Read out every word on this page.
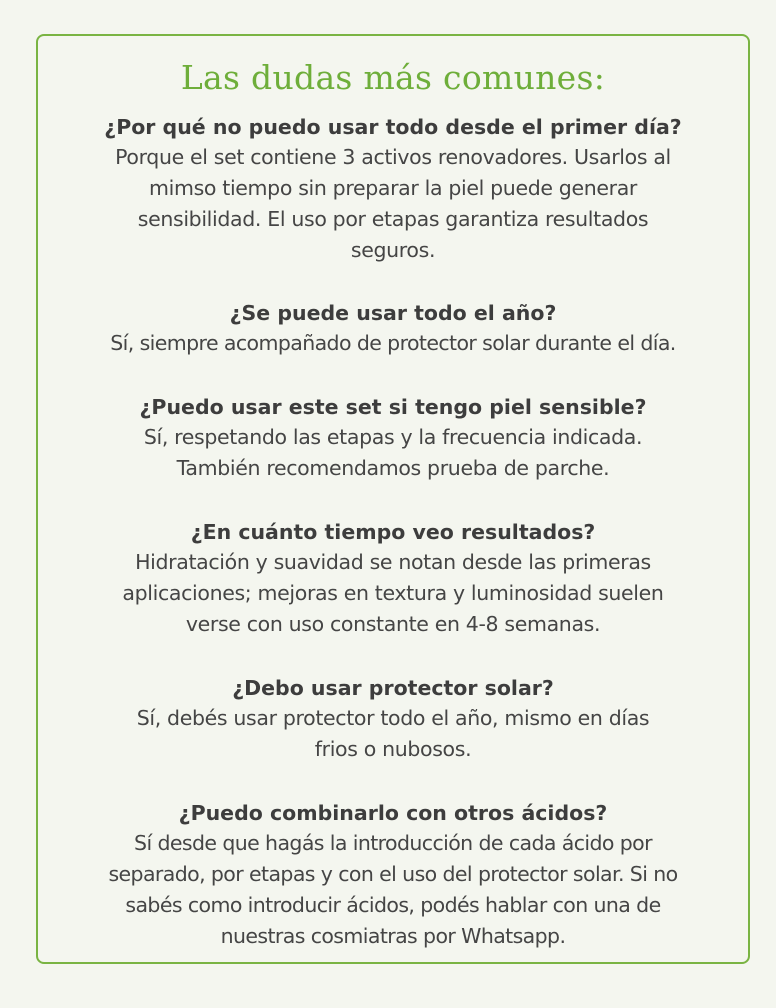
Las dudas más comunes:

¿Por qué no puedo usar todo desde el primer día?

Porque el set contiene 3 activos renovadores. Usarlos al
mimso tiempo sin preparar la piel puede generar
sensibilidad. El uso por etapas garantiza resultados
seguros.

¿Se puede usar todo el año?

Sí, siempre acompañado de protector solar durante el día.

¿Puedo usar este set si tengo piel sensible?

Sí, respetando las etapas y la frecuencia indicada.
También recomendamos prueba de parche.

¿En cuánto tiempo veo resultados?

Hidratación y suavidad se notan desde las primeras
aplicaciones; mejoras en textura y luminosidad suelen
verse con uso constante en 4-8 semanas.

¿Debo usar protector solar?

Sí, debés usar protector todo el año, mismo en días
frios o nubosos.

¿Puedo combinarlo con otros ácidos?

Sí desde que hagás la introducción de cada ácido por
separado, por etapas y con el uso del protector solar. Si no
sabés como introducir ácidos, podés hablar con una de
nuestras cosmiatras por Whatsapp.
